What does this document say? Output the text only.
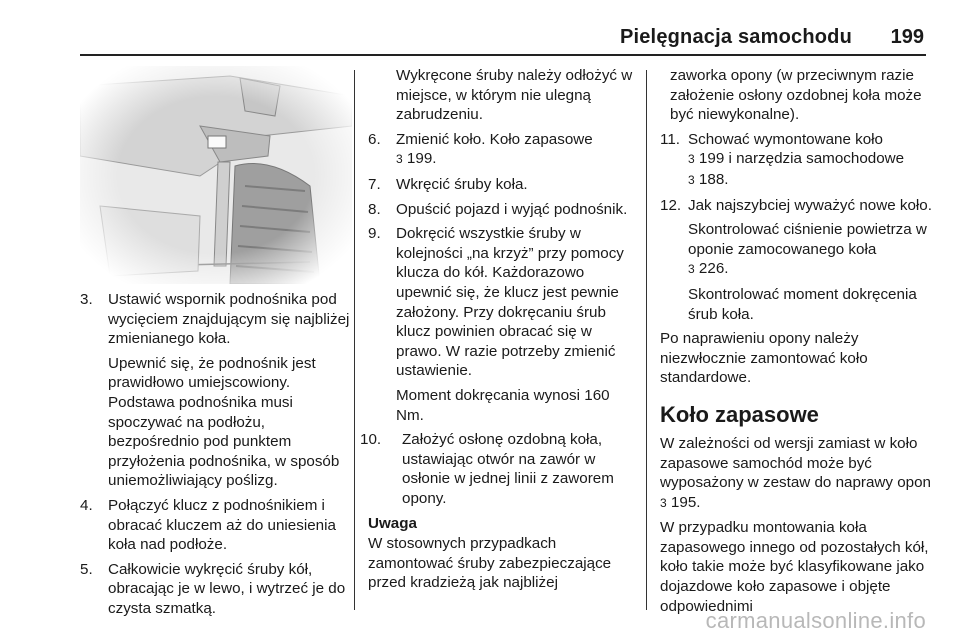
Pielęgnacja samochodu 199
3. Ustawić wspornik podnośnika pod wycięciem znajdującym się najbliżej zmienianego koła.

Upewnić się, że podnośnik jest prawidłowo umiejscowiony. Podstawa podnośnika musi spoczywać na podłożu, bezpośrednio pod punktem przyłożenia podnośnika, w sposób uniemożliwiający poślizg.

4. Połączyć klucz z podnośnikiem i obracać kluczem aż do uniesienia koła nad podłoże.

5. Całkowicie wykręcić śruby kół, obracając je w lewo, i wytrzeć je do czysta szmatką.

Wykręcone śruby należy odłożyć w miejsce, w którym nie ulegną zabrudzeniu.

6. Zmienić koło. Koło zapasowe
3 199.

7. Wkręcić śruby koła.

8. Opuścić pojazd i wyjąć podnośnik.

9. Dokręcić wszystkie śruby w kolejności „na krzyż” przy pomocy klucza do kół. Każdorazowo upewnić się, że klucz jest pewnie założony. Przy dokręcaniu śrub klucz powinien obracać się w prawo. W razie potrzeby zmienić ustawienie.

Moment dokręcania wynosi 160 Nm.

10. Założyć osłonę ozdobną koła, ustawiając otwór na zawór w osłonie w jednej linii z zaworem opony.

Uwaga

W stosownych przypadkach zamontować śruby zabezpieczające przed kradzieżą jak najbliżej

zaworka opony (w przeciwnym razie założenie osłony ozdobnej koła może być niewykonalne).

11. Schować wymontowane koło
3 199 i narzędzia samochodowe
3 188.

12. Jak najszybciej wyważyć nowe koło.

Skontrolować ciśnienie powietrza w oponie zamocowanego koła
3 226.

Skontrolować moment dokręcenia śrub koła.

Po naprawieniu opony należy niezwłocznie zamontować koło standardowe.

Koło zapasowe

W zależności od wersji zamiast w koło zapasowe samochód może być wyposażony w zestaw do naprawy opon 3 195.

W przypadku montowania koła zapasowego innego od pozostałych kół, koło takie może być klasyfikowane jako dojazdowe koło zapasowe i objęte odpowiednimi

carmanualsonline.info
